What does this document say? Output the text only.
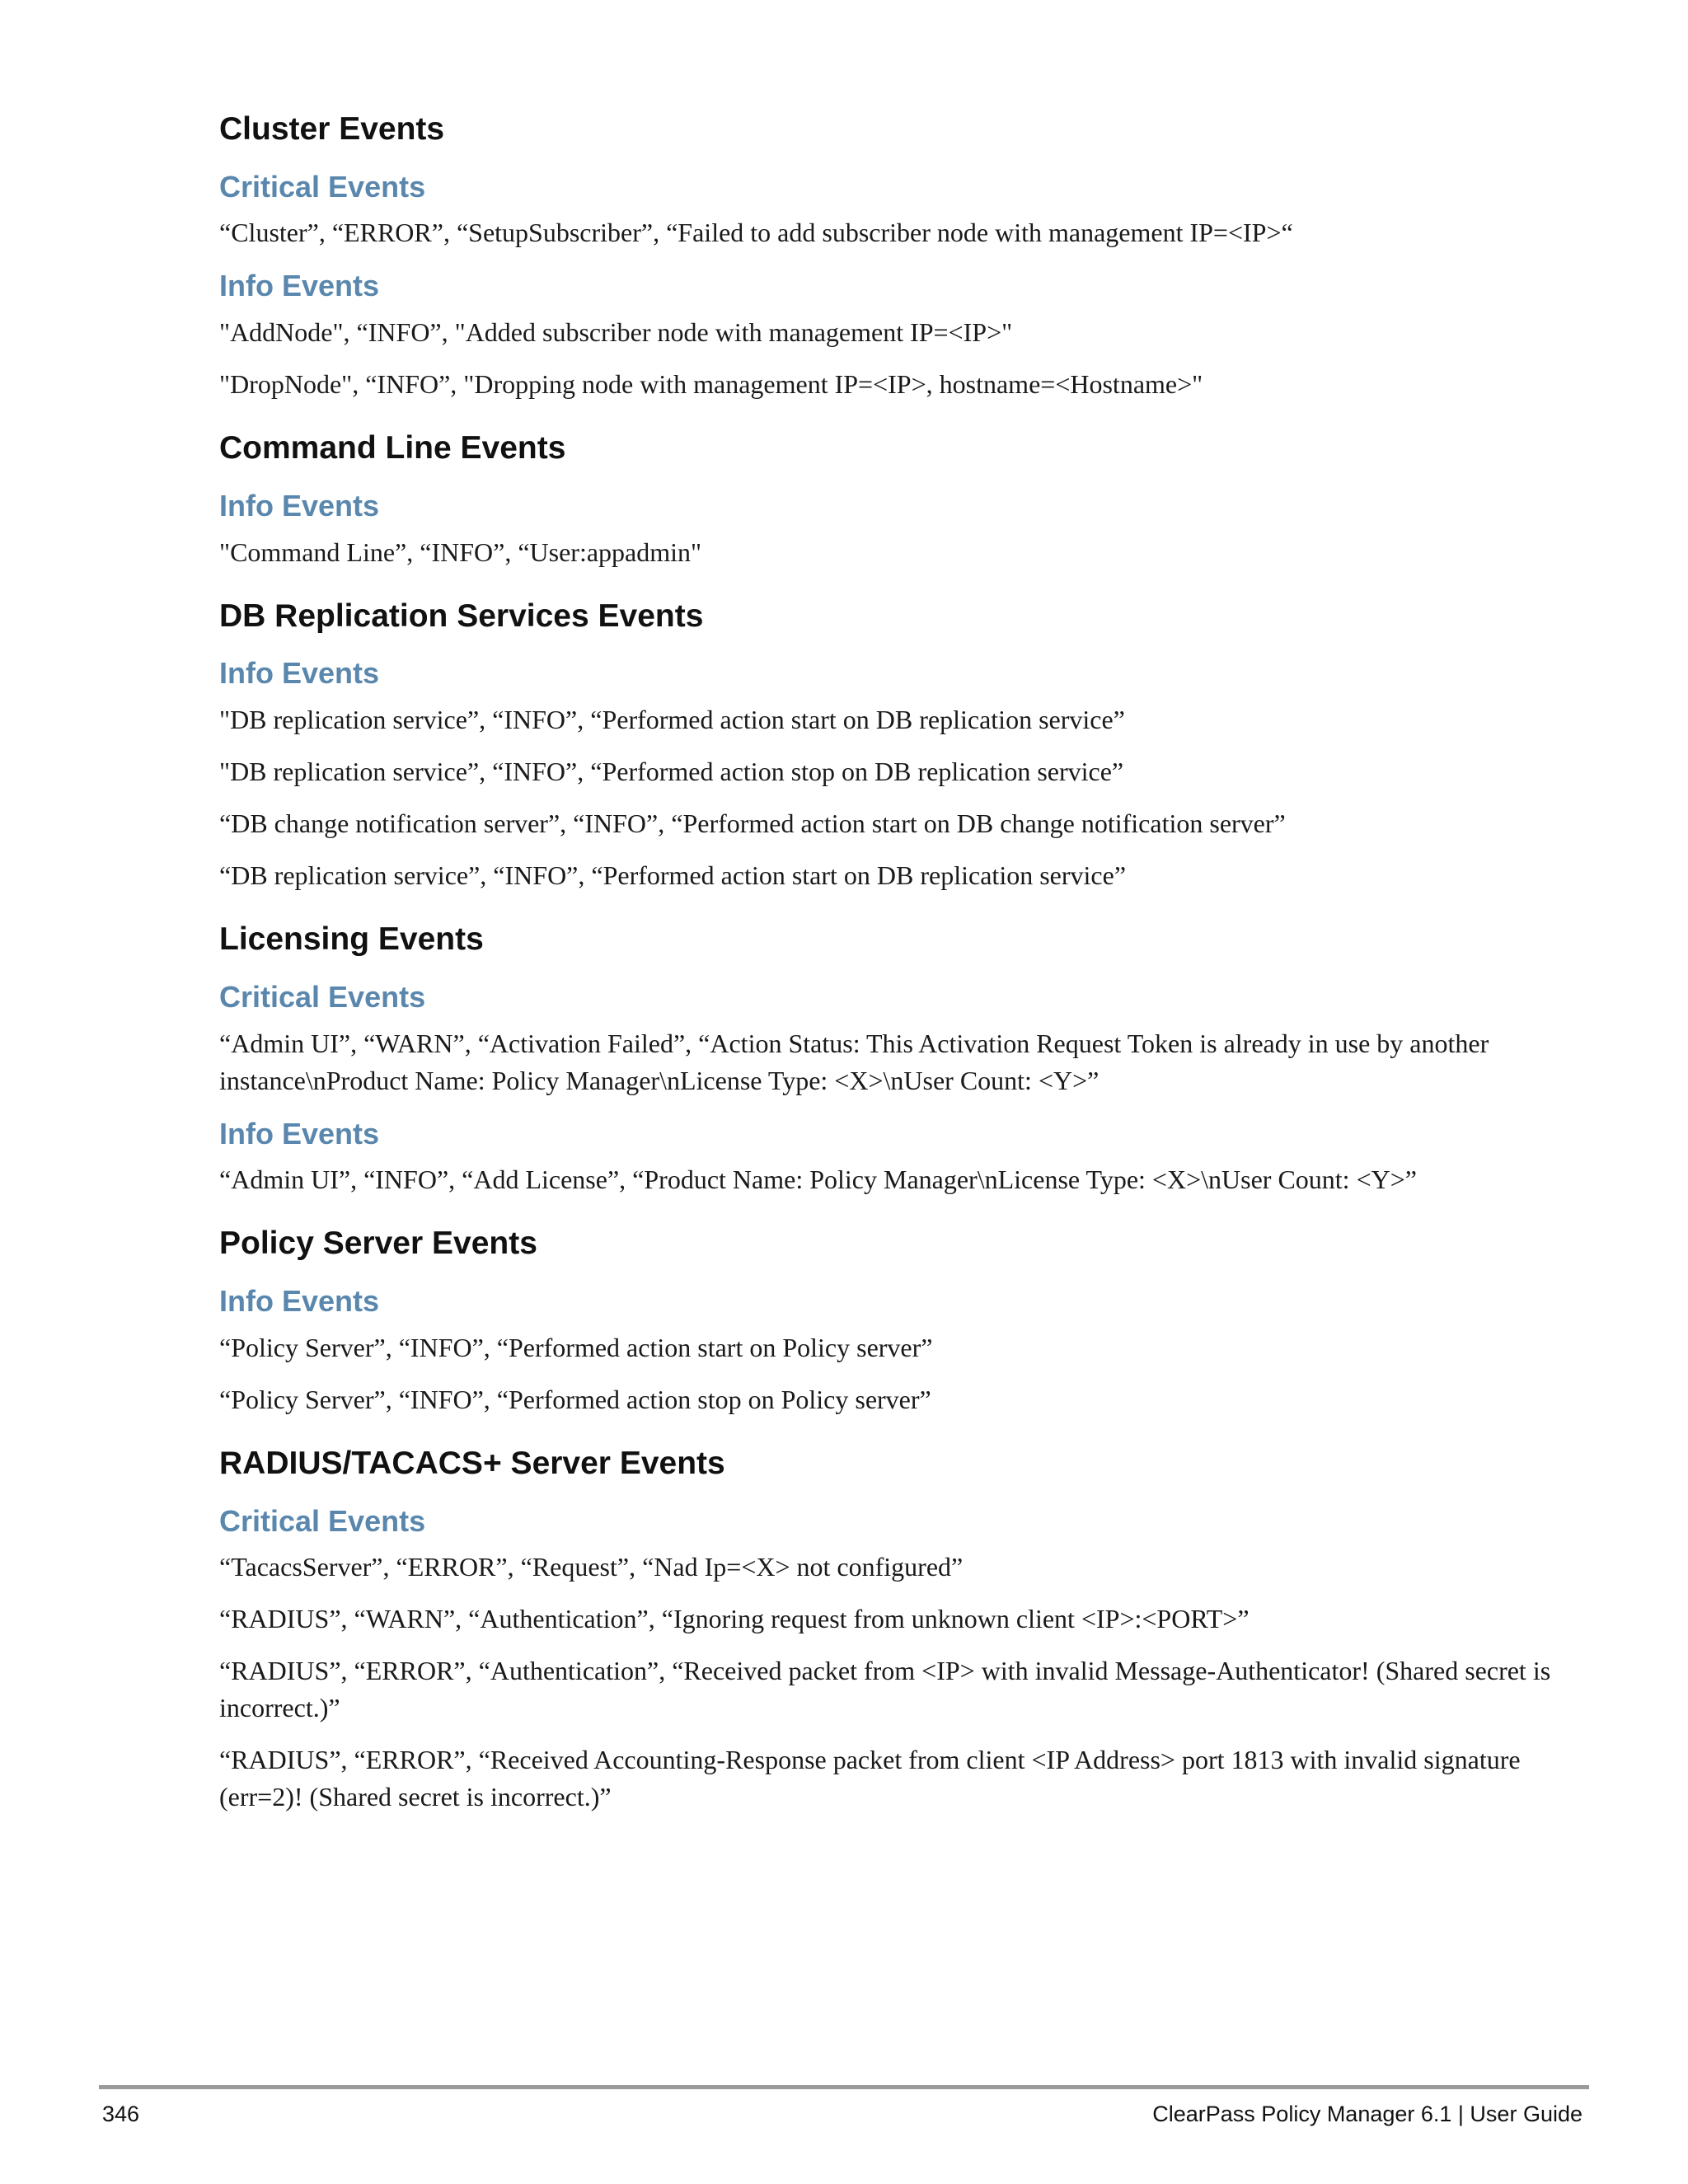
Cluster Events
Critical Events
“Cluster”, “ERROR”, “SetupSubscriber”, “Failed to add subscriber node with management IP=<IP>“
Info Events
"AddNode", “INFO”, "Added subscriber node with management IP=<IP>"
"DropNode", “INFO”, "Dropping node with management IP=<IP>, hostname=<Hostname>"
Command Line Events
Info Events
"Command Line”, “INFO”, “User:appadmin"
DB Replication Services Events
Info Events
"DB replication service”, “INFO”, “Performed action start on DB replication service”
"DB replication service”, “INFO”, “Performed action stop on DB replication service”
“DB change notification server”, “INFO”, “Performed action start on DB change notification server”
“DB replication service”, “INFO”, “Performed action start on DB replication service”
Licensing Events
Critical Events
“Admin UI”, “WARN”, “Activation Failed”, “Action Status: This Activation Request Token is already in use by another instance\nProduct Name: Policy Manager\nLicense Type: <X>\nUser Count: <Y>”
Info Events
“Admin UI”, “INFO”, “Add License”, “Product Name: Policy Manager\nLicense Type: <X>\nUser Count: <Y>”
Policy Server Events
Info Events
“Policy Server”, “INFO”, “Performed action start on Policy server”
“Policy Server”, “INFO”, “Performed action stop on Policy server”
RADIUS/TACACS+ Server Events
Critical Events
“TacacsServer”, “ERROR”, “Request”, “Nad Ip=<X> not configured”
“RADIUS”, “WARN”, “Authentication”, “Ignoring request from unknown client <IP>:<PORT>”
“RADIUS”, “ERROR”, “Authentication”, “Received packet from <IP> with invalid Message-Authenticator! (Shared secret is incorrect.)”
“RADIUS”, “ERROR”, “Received Accounting-Response packet from client <IP Address> port 1813 with invalid signature (err=2)! (Shared secret is incorrect.)”
346	ClearPass Policy Manager 6.1 | User Guide
